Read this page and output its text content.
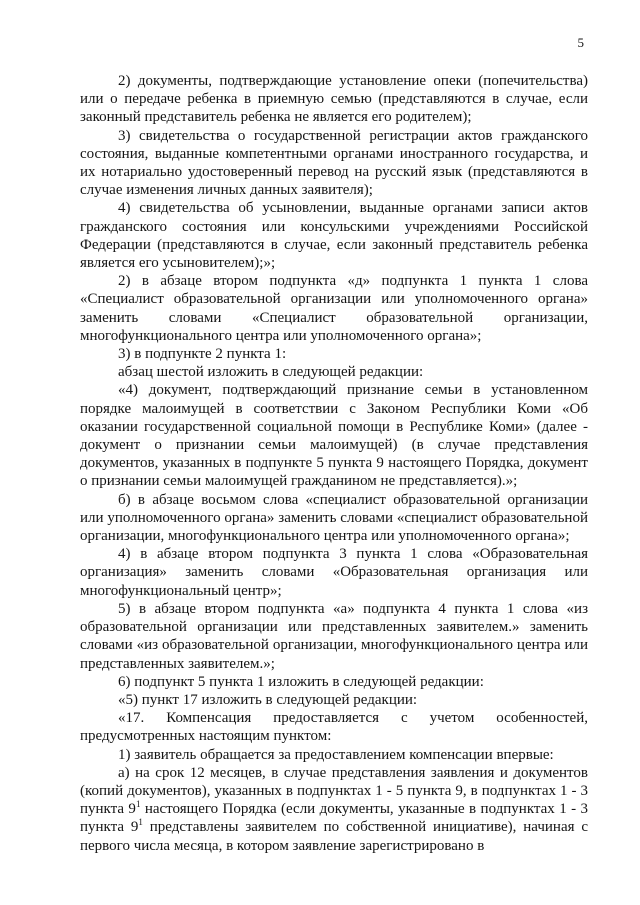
5

2) документы, подтверждающие установление опеки (попечительства) или о передаче ребенка в приемную семью (представляются в случае, если законный представитель ребенка не является его родителем);

3) свидетельства о государственной регистрации актов гражданского состояния, выданные компетентными органами иностранного государства, и их нотариально удостоверенный перевод на русский язык (представляются в случае изменения личных данных заявителя);

4) свидетельства об усыновлении, выданные органами записи актов гражданского состояния или консульскими учреждениями Российской Федерации (представляются в случае, если законный представитель ребенка является его усыновителем);»;

2) в абзаце втором подпункта «д» подпункта 1 пункта 1 слова «Специалист образовательной организации или уполномоченного органа» заменить словами «Специалист образовательной организации, многофункционального центра или уполномоченного органа»;

3) в подпункте 2 пункта 1:

абзац шестой изложить в следующей редакции:

«4) документ, подтверждающий признание семьи в установленном порядке малоимущей в соответствии с Законом Республики Коми «Об оказании государственной социальной помощи в Республике Коми» (далее - документ о признании семьи малоимущей) (в случае представления документов, указанных в подпункте 5 пункта 9 настоящего Порядка, документ о признании семьи малоимущей гражданином не представляется).»;

б) в абзаце восьмом слова «специалист образовательной организации или уполномоченного органа» заменить словами «специалист образовательной организации, многофункционального центра или уполномоченного органа»;

4) в абзаце втором подпункта 3 пункта 1 слова «Образовательная организация» заменить словами «Образовательная организация или многофункциональный центр»;

5) в абзаце втором подпункта «а» подпункта 4 пункта 1 слова «из образовательной организации или представленных заявителем.» заменить словами «из образовательной организации, многофункционального центра или представленных заявителем.»;

6) подпункт 5 пункта 1 изложить в следующей редакции:

«5) пункт 17 изложить в следующей редакции:

«17. Компенсация предоставляется с учетом особенностей, предусмотренных настоящим пунктом:

1) заявитель обращается за предоставлением компенсации впервые:

а) на срок 12 месяцев, в случае представления заявления и документов (копий документов), указанных в подпунктах 1 - 5 пункта 9, в подпунктах 1 - 3 пункта $9^1$ настоящего Порядка (если документы, указанные в подпунктах 1 - 3 пункта $9^1$ представлены заявителем по собственной инициативе), начиная с первого числа месяца, в котором заявление зарегистрировано в
